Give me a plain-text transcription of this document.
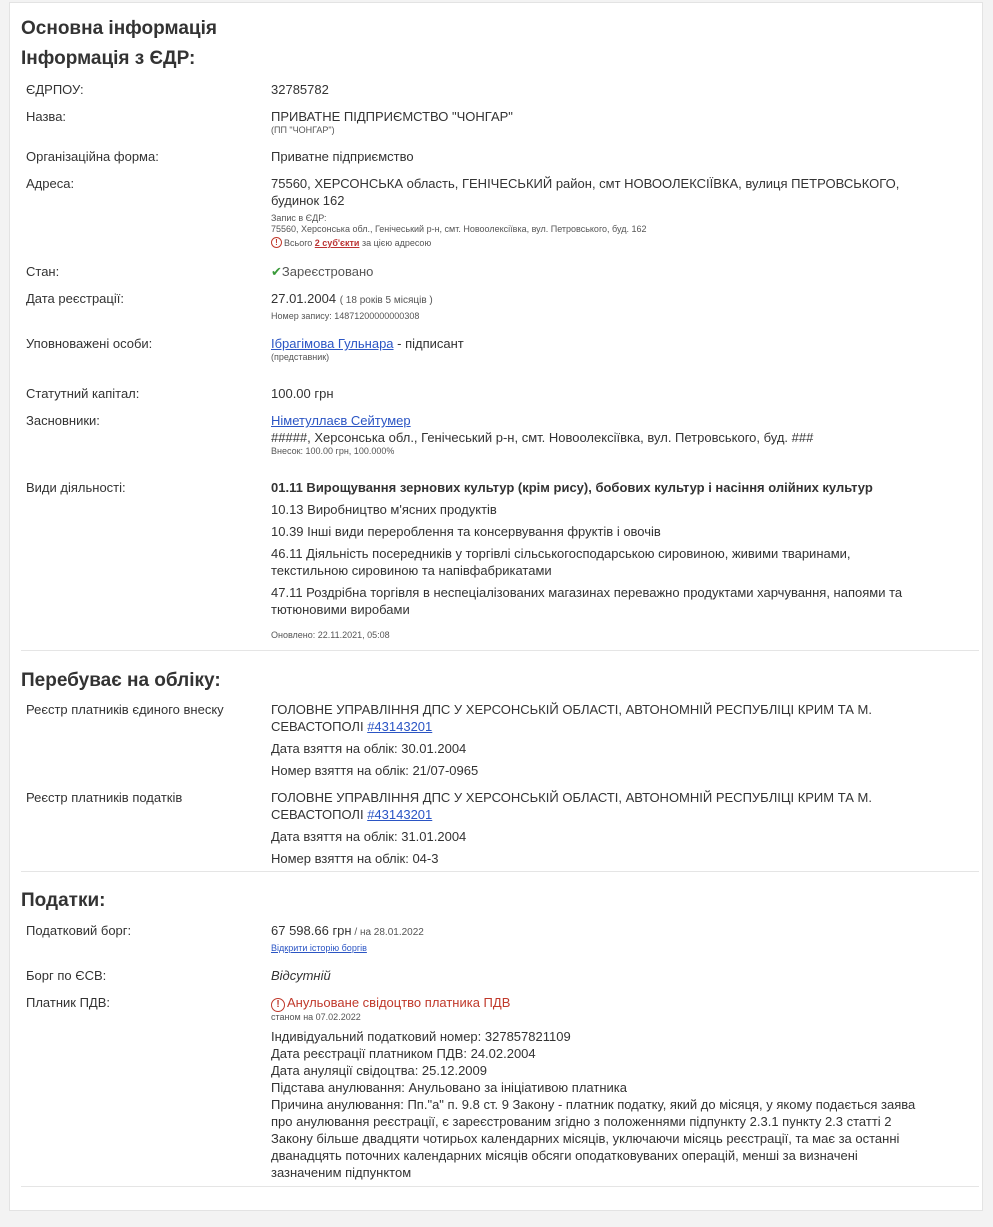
Основна інформація
Інформація з ЄДР:
ЄДРПОУ:	32785782
Назва:	ПРИВАТНЕ ПІДПРИЄМСТВО "ЧОНГАР"
(ПП "ЧОНГАР")
Організаційна форма:	Приватне підприємство
Адреса:	75560, ХЕРСОНСЬКА область, ГЕНІЧЕСЬКИЙ район, смт НОВООЛЕКСІЇВКА, вулиця ПЕТРОВСЬКОГО,
будинок 162
Запис в ЄДР:
75560, Херсонська обл., Генічеський р-н, смт. Новоолексіївка, вул. Петровського, буд. 162
! Всього 2 суб'єкти за цією адресою
Стан:	✔Зареєстровано
Дата реєстрації:	27.01.2004 ( 18 років 5 місяців )
Номер запису: 14871200000000308
Уповноважені особи:	Ібрагімова Гульнара - підписант
(представник)
Статутний капітал:	100.00 грн
Засновники:	Німетуллаєв Сейтумер
#####, Херсонська обл., Генічеський р-н, смт. Новоолексіївка, вул. Петровського, буд. ###
Внесок: 100.00 грн, 100.000%
Види діяльності:	01.11 Вирощування зернових культур (крім рису), бобових культур і насіння олійних культур
10.13 Виробництво м'ясних продуктів
10.39 Інші види перероблення та консервування фруктів і овочів
46.11 Діяльність посередників у торгівлі сільськогосподарською сировиною, живими тваринами,
текстильною сировиною та напівфабрикатами
47.11 Роздрібна торгівля в неспеціалізованих магазинах переважно продуктами харчування, напоями та
тютюновими виробами
Оновлено: 22.11.2021, 05:08
Перебуває на обліку:
Реєстр платників єдиного внеску	ГОЛОВНЕ УПРАВЛІННЯ ДПС У ХЕРСОНСЬКІЙ ОБЛАСТІ, АВТОНОМНІЙ РЕСПУБЛІЦІ КРИМ ТА М.
СЕВАСТОПОЛІ #43143201
Дата взяття на облік: 30.01.2004
Номер взяття на облік: 21/07-0965
Реєстр платників податків	ГОЛОВНЕ УПРАВЛІННЯ ДПС У ХЕРСОНСЬКІЙ ОБЛАСТІ, АВТОНОМНІЙ РЕСПУБЛІЦІ КРИМ ТА М.
СЕВАСТОПОЛІ #43143201
Дата взяття на облік: 31.01.2004
Номер взяття на облік: 04-3
Податки:
Податковий борг:	67 598.66 грн / на 28.01.2022
Відкрити історію боргів
Борг по ЄСВ:	Відсутній
Платник ПДВ:	! Анульоване свідоцтво платника ПДВ
станом на 07.02.2022
Індивідуальний податковий номер: 327857821109
Дата реєстрації платником ПДВ: 24.02.2004
Дата ануляції свідоцтва: 25.12.2009
Підстава анулювання: Анульовано за ініціативою платника
Причина анулювання: Пп."а" п. 9.8 ст. 9 Закону - платник податку, який до місяця, у якому подається заява
про анулювання реєстрації, є зареєстрованим згідно з положеннями підпункту 2.3.1 пункту 2.3 статті 2
Закону більше двадцяти чотирьох календарних місяців, уключаючи місяць реєстрації, та має за останні
дванадцять поточних календарних місяців обсяги оподатковуваних операцій, менші за визначені
зазначеним підпунктом
